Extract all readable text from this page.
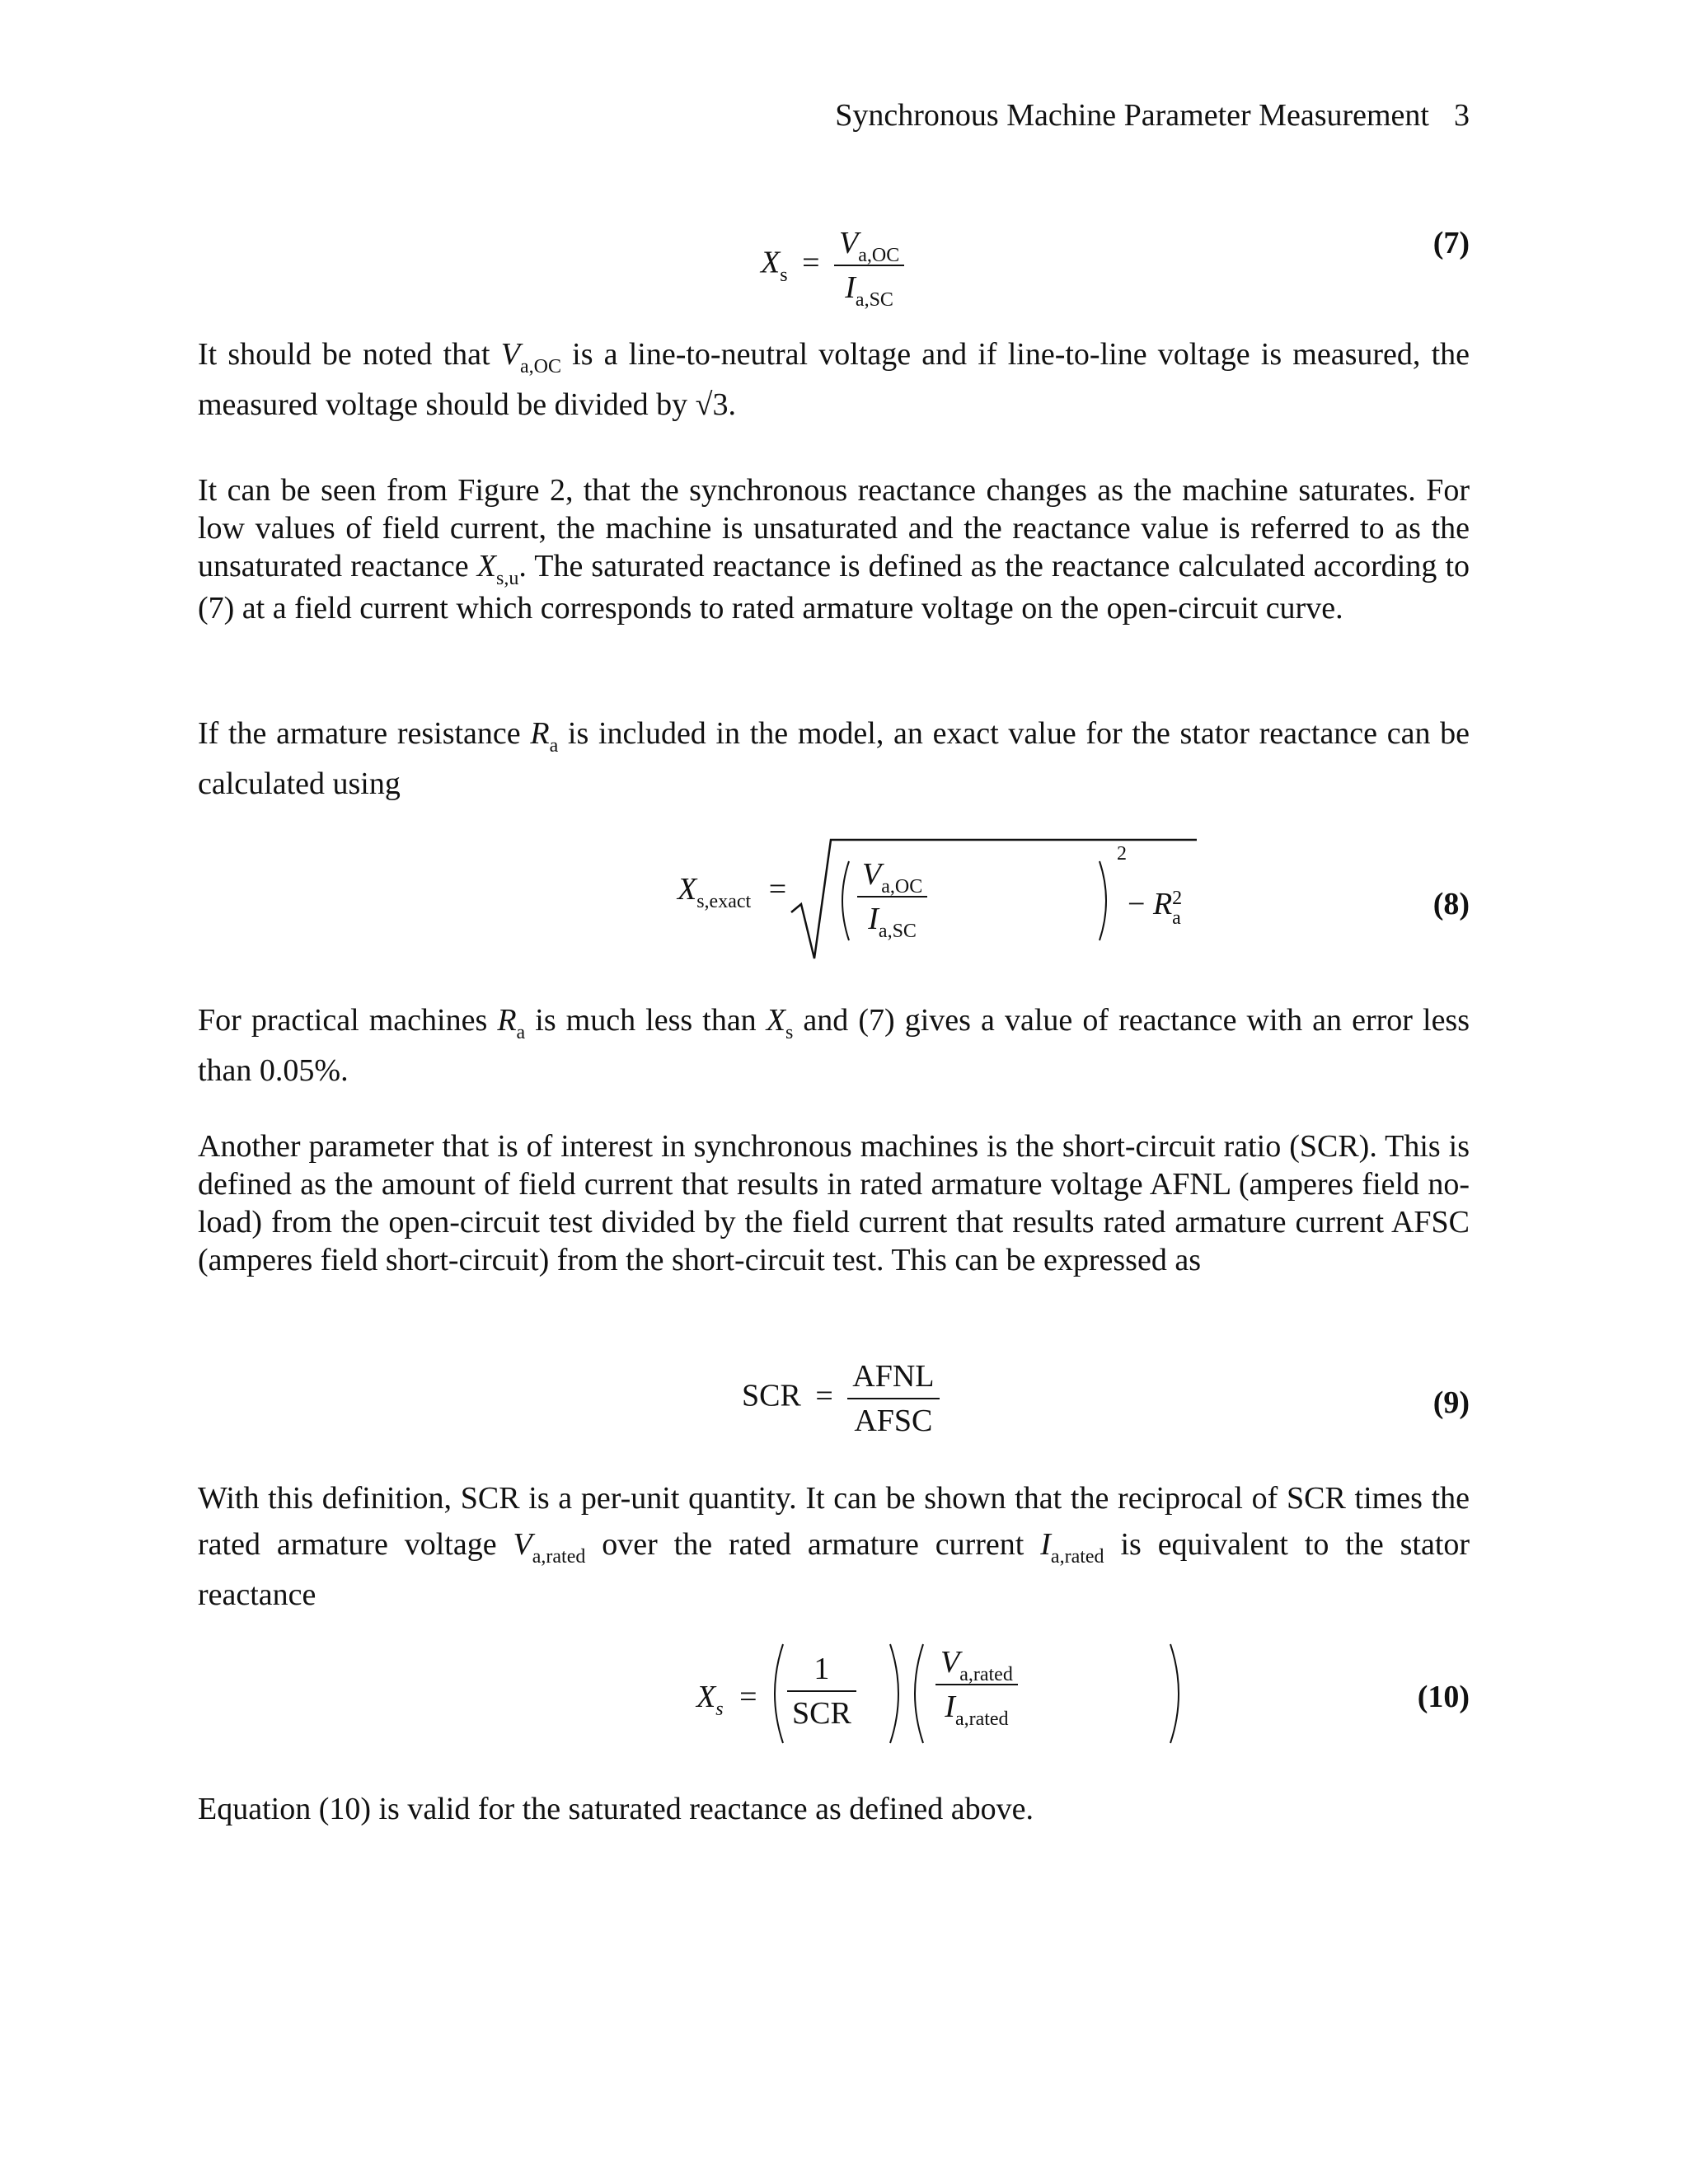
Synchronous Machine Parameter Measurement 3
$X_s = \frac{V_{a,OC}}{I_{a,SC}}$	(7)

It should be noted that $V_{a,OC}$ is a line-to-neutral voltage and if line-to-line voltage is measured, the measured voltage should be divided by √3.

It can be seen from Figure 2, that the synchronous reactance changes as the machine saturates. For low values of field current, the machine is unsaturated and the reactance value is referred to as the unsaturated reactance $X_{s,u}$. The saturated reactance is defined as the reactance calculated according to (7) at a field current which corresponds to rated armature voltage on the open-circuit curve.

If the armature resistance $R_a$ is included in the model, an exact value for the stator reactance can be calculated using

$X_{s,exact}$ =	$\frac{V_{a,OC}}{I_{a,SC}}$
2
− R 2
a	(8)

For practical machines $R_a$ is much less than $X_s$ and (7) gives a value of reactance with an error less than 0.05%.

Another parameter that is of interest in synchronous machines is the short-circuit ratio (SCR). This is defined as the amount of field current that results in rated armature voltage AFNL (amperes field no-load) from the open-circuit test divided by the field current that results rated armature current AFSC (amperes field short-circuit) from the short-circuit test. This can be expressed as

SCR = $\frac{\text{AFNL}}{\text{AFSC}}$	(9)

With this definition, SCR is a per-unit quantity. It can be shown that the reciprocal of SCR times the rated armature voltage $V_{a,rated}$ over the rated armature current $I_{a,rated}$ is equivalent to the stator reactance

$X_s = \frac{1}{\text{SCR}}$	$\frac{V_{a,rated}}{I_{a,rated}}$	(10)

Equation (10) is valid for the saturated reactance as defined above.
